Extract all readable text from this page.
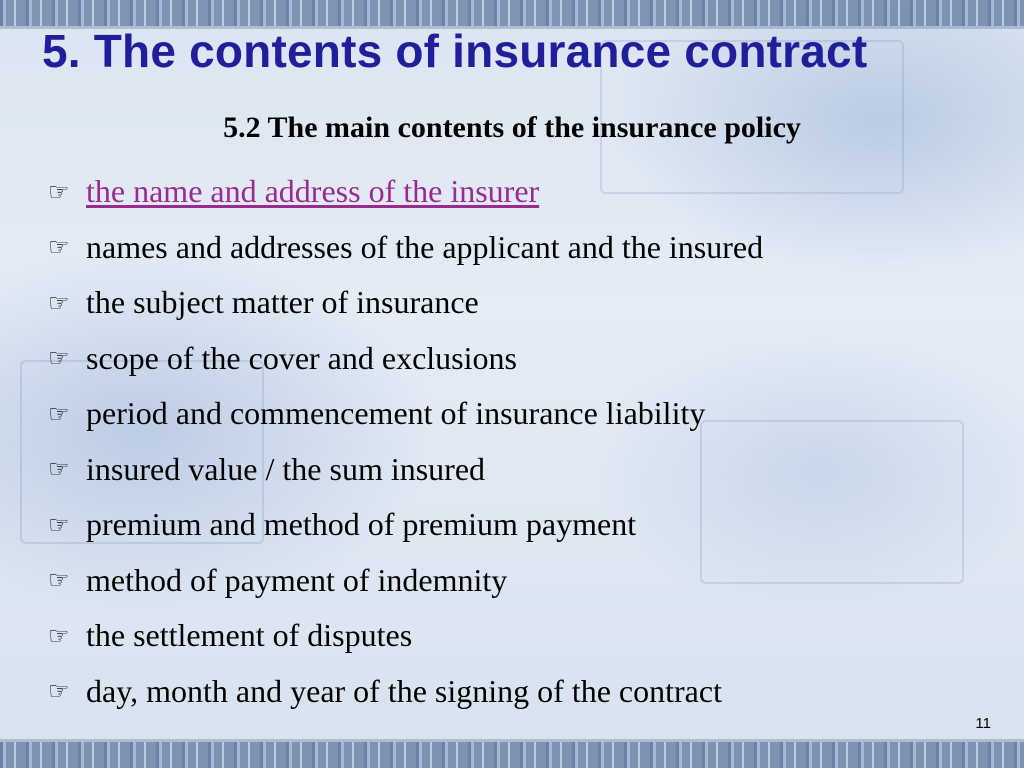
5. The contents of insurance contract
5.2 The main contents of the insurance policy
☞ the name and address of the insurer
☞ names and addresses of the applicant and the insured
☞ the subject matter of insurance
☞ scope of the cover and exclusions
☞ period and commencement of insurance liability
☞ insured value / the sum insured
☞ premium and method of premium payment
☞ method of payment of indemnity
☞ the settlement of disputes
☞ day, month and year of the signing of the contract
11
